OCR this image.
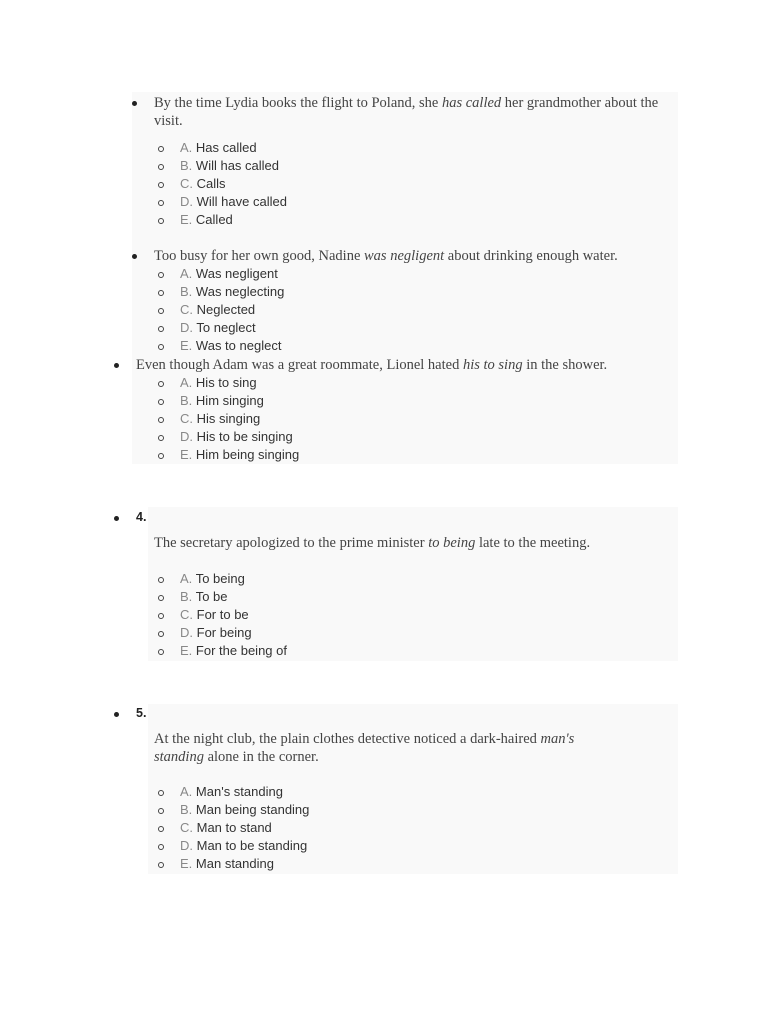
By the time Lydia books the flight to Poland, she has called her grandmother about the visit.
A. Has called
B. Will has called
C. Calls
D. Will have called
E. Called
Too busy for her own good, Nadine was negligent about drinking enough water.
A. Was negligent
B. Was neglecting
C. Neglected
D. To neglect
E. Was to neglect
Even though Adam was a great roommate, Lionel hated his to sing in the shower.
A. His to sing
B. Him singing
C. His singing
D. His to be singing
E. Him being singing
4.
The secretary apologized to the prime minister to being late to the meeting.
A. To being
B. To be
C. For to be
D. For being
E. For the being of
5.
At the night club, the plain clothes detective noticed a dark-haired man's standing alone in the corner.
A. Man's standing
B. Man being standing
C. Man to stand
D. Man to be standing
E. Man standing
